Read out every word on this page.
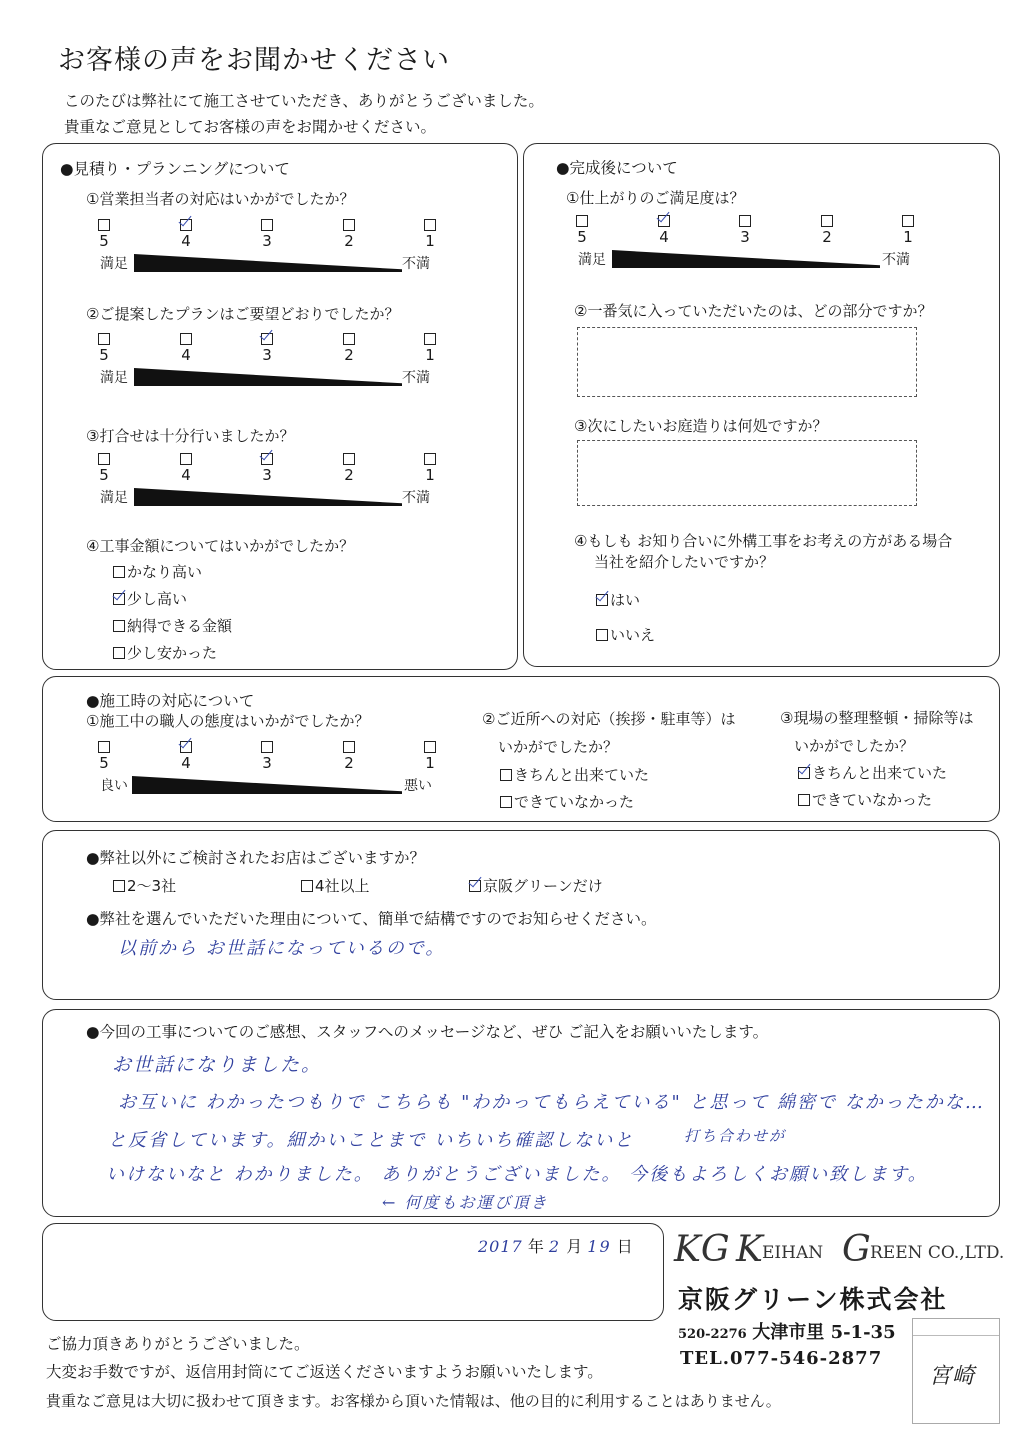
お客様の声をお聞かせください
このたびは弊社にて施工させていただき、ありがとうございました。
貴重なご意見としてお客様の声をお聞かせください。
●見積り・プランニングについて
①営業担当者の対応はいかがでしたか？
5	4	3	2	1
満足	不満
②ご提案したプランはご要望どおりでしたか？
5	4	3	2	1
満足	不満
③打合せは十分行いましたか？
5	4	3	2	1
満足	不満
④工事金額についてはいかがでしたか？
かなり高い
少し高い
納得できる金額
少し安かった
●完成後について
①仕上がりのご満足度は？
5	4	3	2	1
満足	不満
②一番気に入っていただいたのは、どの部分ですか？
③次にしたいお庭造りは何処ですか？
④もしも お知り合いに外構工事をお考えの方がある場合
当社を紹介したいですか？
はい
いいえ
●施工時の対応について
①施工中の職人の態度はいかがでしたか？
5	4	3	2	1
良い	悪い
②ご近所への対応（挨拶・駐車等）は
いかがでしたか？
きちんと出来ていた
できていなかった
③現場の整理整頓・掃除等は
いかがでしたか？
きちんと出来ていた
できていなかった
●弊社以外にご検討されたお店はございますか？
2～3社	4社以上	京阪グリーンだけ
●弊社を選んでいただいた理由について、簡単で結構ですのでお知らせください。
以前から お世話になっているので。
●今回の工事についてのご感想、スタッフへのメッセージなど、ぜひ ご記入をお願いいたします。
お世話になりました。
お互いに わかったつもりで こちらも "わかってもらえている" と思って 綿密で なかったかな…
と反省しています。細かいことまで いちいち確認しないと	打ち合わせが
いけないなと わかりました。 ありがとうございました。 今後もよろしくお願い致します。
← 何度もお運び頂き
2017 年 2 月 19 日 KG K EIHAN G REEN CO.,LTD.
京阪グリーン株式会社
520-2276 大津市里 5-1-35
TEL.077-546-2877
宮崎
ご協力頂きありがとうございました。
大変お手数ですが、返信用封筒にてご返送くださいますようお願いいたします。
貴重なご意見は大切に扱わせて頂きます。お客様から頂いた情報は、他の目的に利用することはありません。
